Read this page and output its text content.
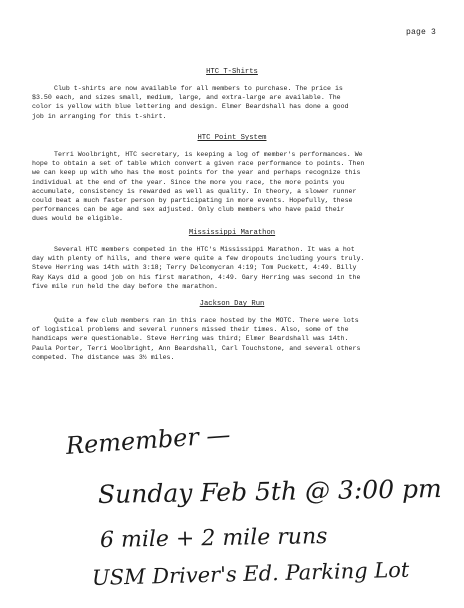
page 3
HTC T-Shirts
Club t-shirts are now available for all members to purchase. The price is
$3.50 each, and sizes small, medium, large, and extra-large are available. The
color is yellow with blue lettering and design. Elmer Beardshall has done a good
job in arranging for this t-shirt.
HTC Point System
Terri Woolbright, HTC secretary, is keeping a log of member's performances. We
hope to obtain a set of table which convert a given race performance to points. Then
we can keep up with who has the most points for the year and perhaps recognize this
individual at the end of the year. Since the more you race, the more points you
accumulate, consistency is rewarded as well as quality. In theory, a slower runner
could beat a much faster person by participating in more events. Hopefully, these
performances can be age and sex adjusted. Only club members who have paid their
dues would be eligible.
Mississippi Marathon
Several HTC members competed in the HTC's Mississippi Marathon. It was a hot
day with plenty of hills, and there were quite a few dropouts including yours truly.
Steve Herring was 14th with 3:18; Terry Delcomycran 4:19; Tom Puckett, 4:49. Billy
Ray Kays did a good job on his first marathon, 4:49. Gary Herring was second in the
five mile run held the day before the marathon.
Jackson Day Run
Quite a few club members ran in this race hosted by the MOTC. There were lots
of logistical problems and several runners missed their times. Also, some of the
handicaps were questionable. Steve Herring was third; Elmer Beardshall was 14th.
Paula Porter, Terri Woolbright, Ann Beardshall, Carl Touchstone, and several others
competed. The distance was 3½ miles.
Remember —
Sunday Feb 5th @ 3:00 pm
6 mile + 2 mile runs
USM Driver's Ed. Parking Lot
